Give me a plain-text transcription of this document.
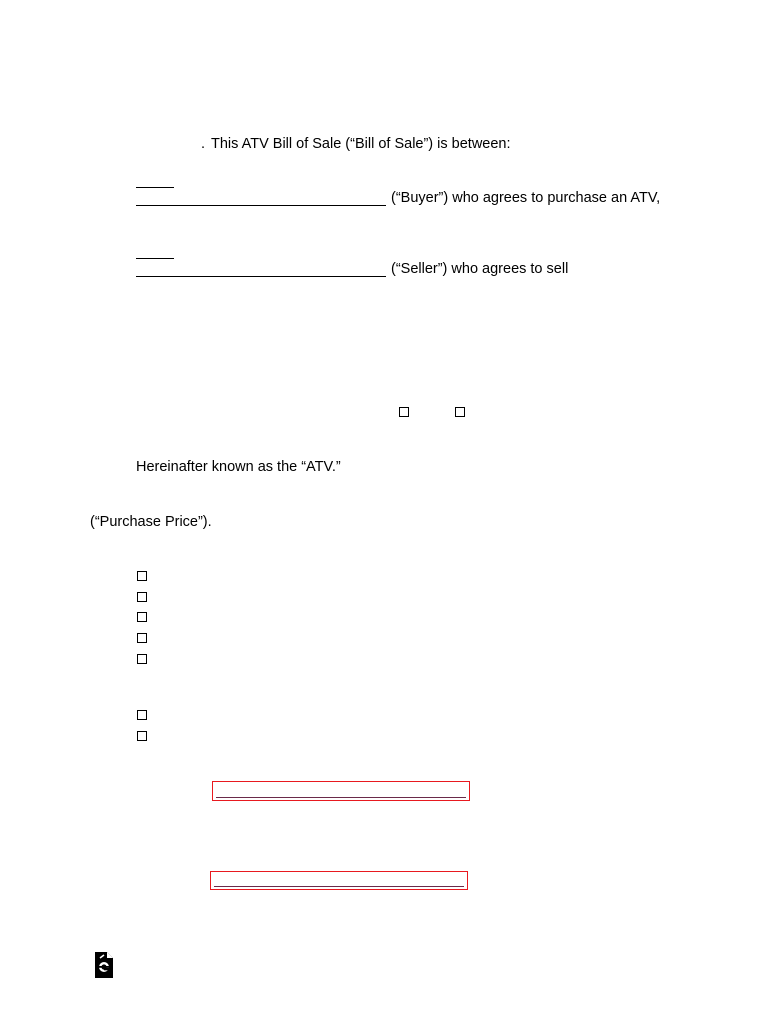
. This ATV Bill of Sale (“Bill of Sale”) is between:
(“Buyer”) who agrees to purchase an ATV,
(“Seller”) who agrees to sell
Hereinafter known as the “ATV.”
(“Purchase Price”).
